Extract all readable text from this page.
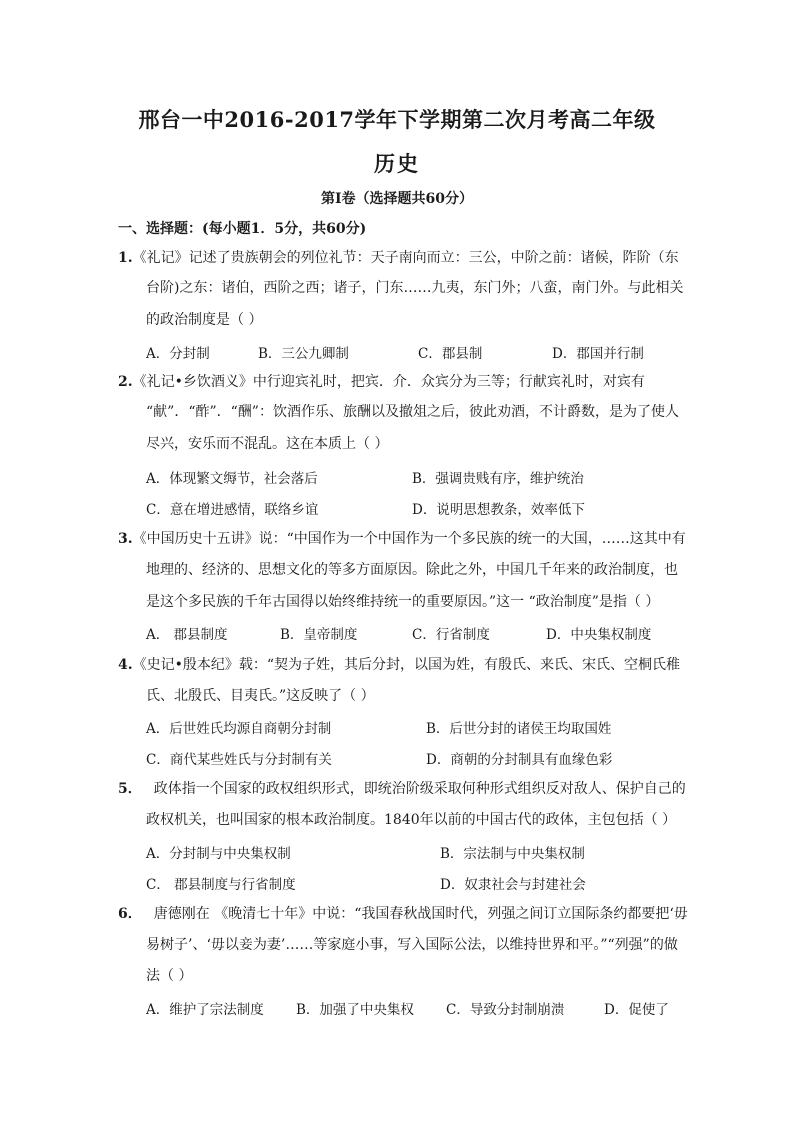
邢台一中2016-2017学年下学期第二次月考高二年级
历史
第Ⅰ卷（选择题共60分）
一、选择题：(每小题1．5分，共60分)
1.《礼记》记述了贵族朝会的列位礼节：天子南向而立：三公，中阶之前：诸候，阼阶（东
台阶)之东：诸伯，西阶之西；诸子，门东……九夷，东门外；八蛮，南门外。与此相关
的政治制度是（ ）
A．分封制	B．三公九卿制	C．郡县制	D．郡国并行制
2.《礼记•乡饮酒义》中行迎宾礼时，把宾．介．众宾分为三等；行献宾礼时，对宾有
“献”．“酢”．“酬”：饮酒作乐、旅酬以及撤俎之后，彼此劝酒，不计爵数，是为了使人
尽兴，安乐而不混乱。这在本质上（ ）
A．体现繁文缛节，社会落后	B．强调贵贱有序，维护统治
C．意在增进感情，联络乡谊	D．说明思想教条，效率低下
3.《中国历史十五讲》说：“中国作为一个中国作为一个多民族的统一的大国，……这其中有
地理的、经济的、思想文化的等多方面原因。除此之外，中国几千年来的政治制度，也
是这个多民族的千年古国得以始终维持统一的重要原因。”这一 “政治制度”是指（ ）
A． 郡县制度	B．皇帝制度	C．行省制度	D．中央集权制度
4.《史记•殷本纪》载：“契为子姓，其后分封，以国为姓，有殷氏、来氏、宋氏、空桐氏稚
氏、北殷氏、目夷氏。”这反映了（ ）
A．后世姓氏均源自商朝分封制	B．后世分封的诸侯王均取国姓
C．商代某些姓氏与分封制有关	D．商朝的分封制具有血缘色彩
5． 政体指一个国家的政权组织形式，即统治阶级采取何种形式组织反对敌人、保护自己的
政权机关，也叫国家的根本政治制度。1840年以前的中国古代的政体，主包包括（ ）
A．分封制与中央集权制	B．宗法制与中央集权制
C． 郡县制度与行省制度	D．奴隶社会与封建社会
6． 唐德刚在 《晚清七十年》中说：“我国春秋战国时代，列强之间订立国际条约都要把‘毋
易树子’、‘毋以妾为妻’……等家庭小事，写入国际公法，以维持世界和平。”“列强”的做
法（ ）
A．维护了宗法制度 B．加强了中央集权 C．导致分封制崩溃	D．促使了
